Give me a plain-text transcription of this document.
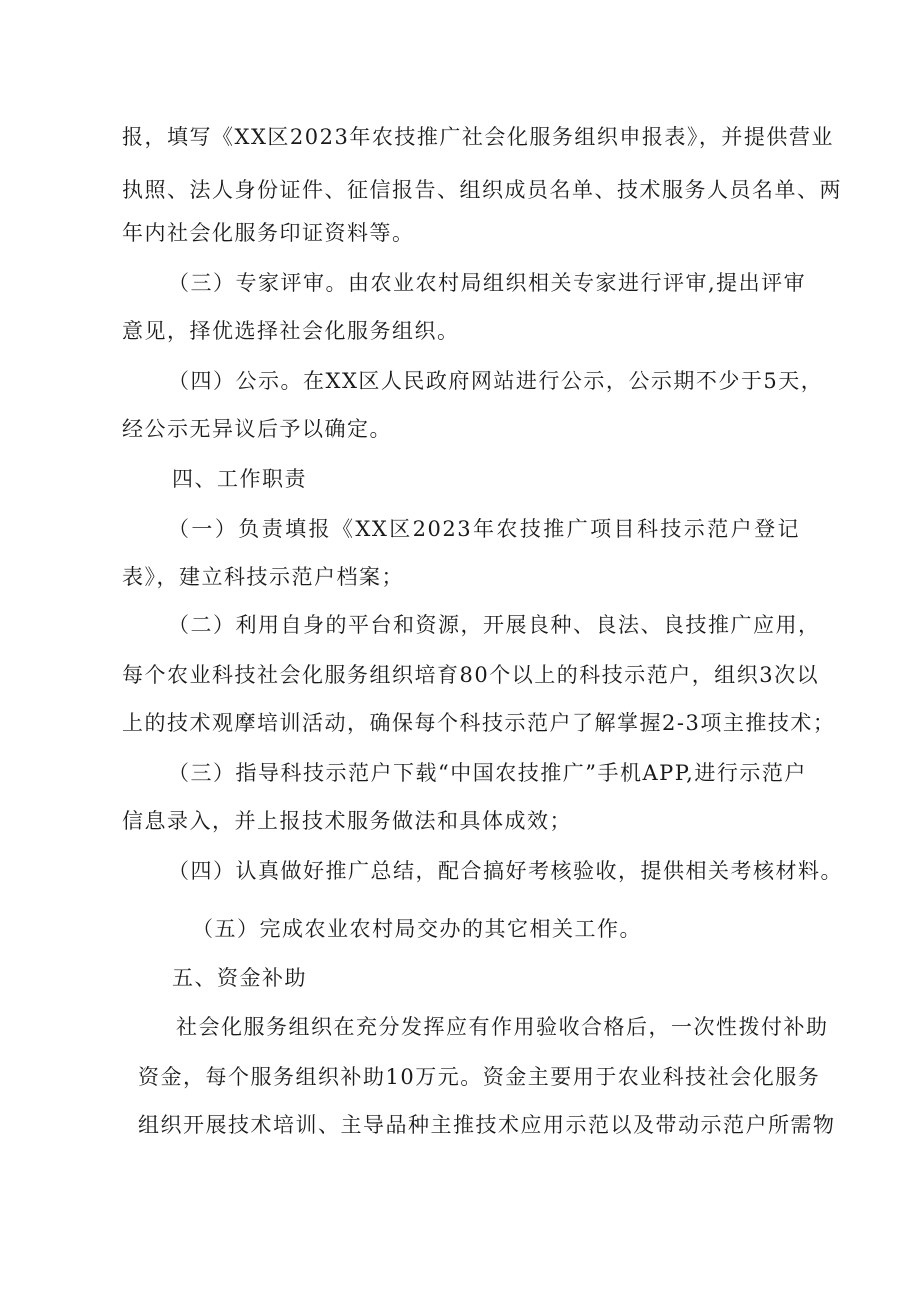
报，填写《XX区2023年农技推广社会化服务组织申报表》，并提供营业
执照、法人身份证件、征信报告、组织成员名单、技术服务人员名单、两
年内社会化服务印证资料等。
（三）专家评审。由农业农村局组织相关专家进行评审,提出评审
意见，择优选择社会化服务组织。
（四）公示。在XX区人民政府网站进行公示，公示期不少于5天，
经公示无异议后予以确定。
四、工作职责
（一）负责填报《XX区2023年农技推广项目科技示范户登记
表》，建立科技示范户档案；
（二）利用自身的平台和资源，开展良种、良法、良技推广应用，
每个农业科技社会化服务组织培育80个以上的科技示范户，组织3次以
上的技术观摩培训活动，确保每个科技示范户了解掌握2-3项主推技术；
（三）指导科技示范户下载“中国农技推广”手机APP,进行示范户
信息录入，并上报技术服务做法和具体成效；
（四）认真做好推广总结，配合搞好考核验收，提供相关考核材料。
（五）完成农业农村局交办的其它相关工作。
五、资金补助
社会化服务组织在充分发挥应有作用验收合格后，一次性拨付补助
资金，每个服务组织补助10万元。资金主要用于农业科技社会化服务
组织开展技术培训、主导品种主推技术应用示范以及带动示范户所需物
